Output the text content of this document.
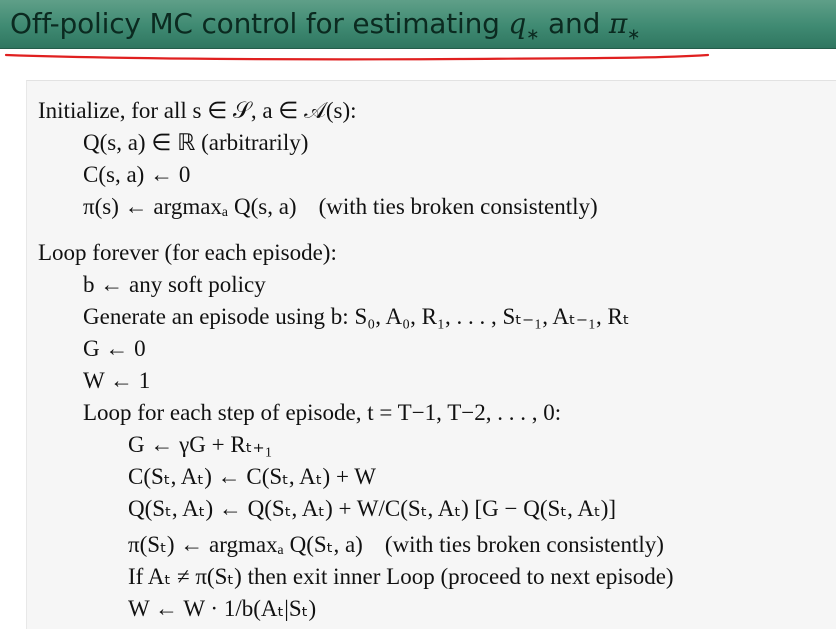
Off-policy MC control for estimating $q_∗$ and $\pi_∗$
Initialize, for all s ∈ 𝒮, a ∈ 𝒜(s):
Q(s, a) ∈ ℝ (arbitrarily)
C(s, a) ← 0
π(s) ← argmaxₐ Q(s, a) (with ties broken consistently)
Loop forever (for each episode):
b ← any soft policy
Generate an episode using b: S₀, A₀, R₁, . . . , Sₜ₋₁, Aₜ₋₁, Rₜ
G ← 0
W ← 1
Loop for each step of episode, t = T−1, T−2, . . . , 0:
G ← γG + Rₜ₊₁
C(Sₜ, Aₜ) ← C(Sₜ, Aₜ) + W
Q(Sₜ, Aₜ) ← Q(Sₜ, Aₜ) + W/C(Sₜ, Aₜ) [G − Q(Sₜ, Aₜ)]
π(Sₜ) ← argmaxₐ Q(Sₜ, a) (with ties broken consistently)
If Aₜ ≠ π(Sₜ) then exit inner Loop (proceed to next episode)
W ← W · 1/b(Aₜ|Sₜ)
